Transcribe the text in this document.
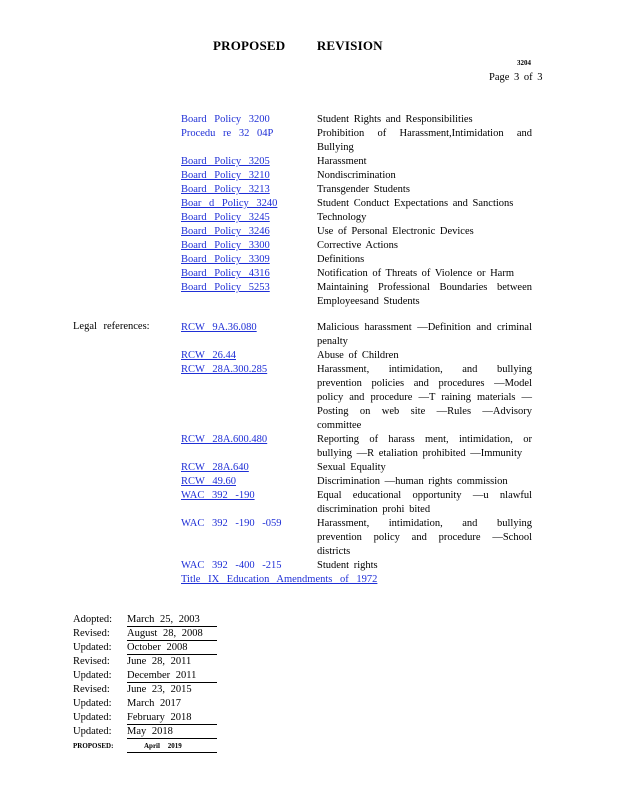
PROPOSED REVISION
3204
Page 3 of 3
Board Policy 3200	Student Rights and Responsibilities
Procedu re 32 04P	Prohibition of Harassment,Intimidation and Bullying
Board Policy 3205	Harassment
Board Policy 3210	Nondiscrimination
Board Policy 3213	Transgender Students
Boar d Policy 3240	Student Conduct Expectations and Sanctions
Board Policy 3245	Technology
Board Policy 3246	Use of Personal Electronic Devices
Board Policy 3300	Corrective Actions
Board Policy 3309	Definitions
Board Policy 4316	Notification of Threats of Violence or Harm
Board Policy 5253	Maintaining Professional Boundaries between Employeesand Students
RCW 9A.36.080	Malicious harassment —Definition and criminal penalty
RCW 26.44	Abuse of Children
RCW 28A.300.285	Harassment, intimidation, and bullying prevention policies and procedures —Model policy and procedure —T raining materials — Posting on web site —Rules —Advisory committee
RCW 28A.600.480	Reporting of harass ment, intimidation, or bullying —R etaliation prohibited —Immunity
RCW 28A.640	Sexual Equality
RCW 49.60	Discrimination —human rights commission
WAC 392 -190	Equal educational opportunity —u nlawful discrimination prohi bited
WAC 392 -190 -059	Harassment, intimidation, and bullying prevention policy and procedure —School districts
WAC 392 -400 -215	Student rights
Title IX Education Amendments of 1972
Legal references:
Adopted:	March 25, 2003
Revised:	August 28, 2008
Updated:	October 2008
Revised:	June 28, 2011
Updated:	December 2011
Revised:	June 23, 2015
Updated:	March 2017
Updated:	February 2018
Updated:	May 2018
PROPOSED:	April 2019
